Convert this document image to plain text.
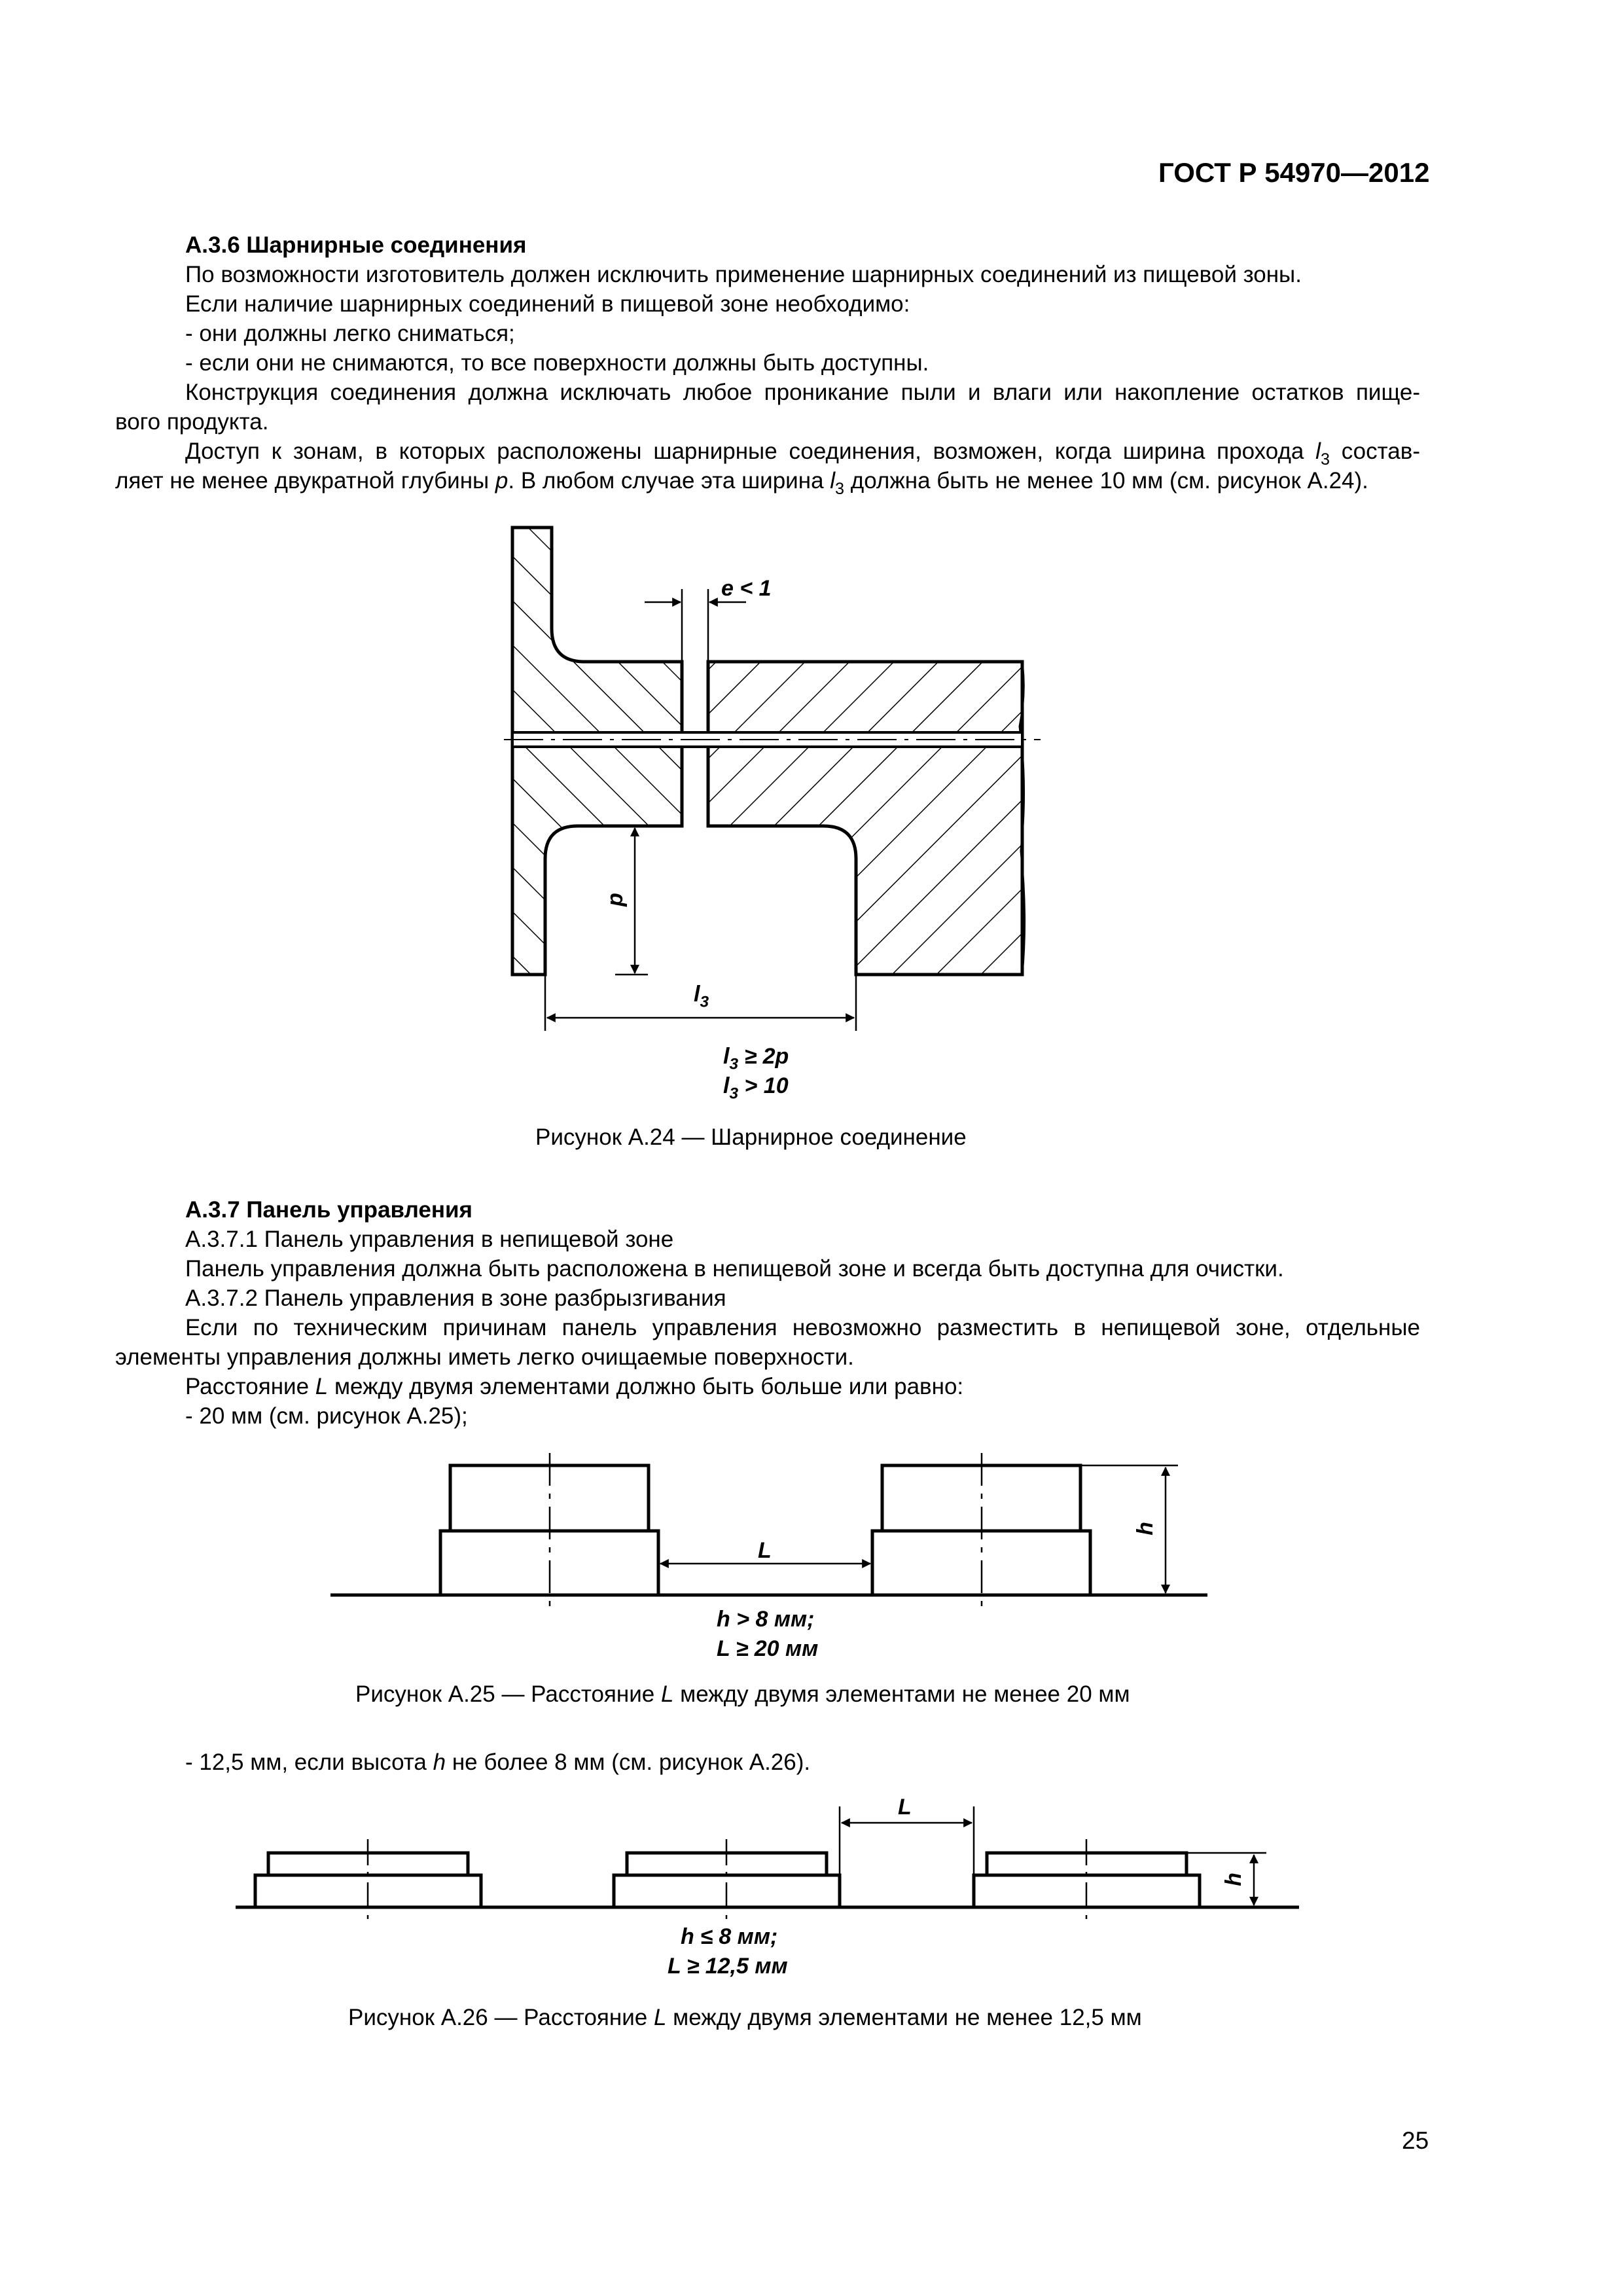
ГОСТ Р 54970—2012
А.3.6 Шарнирные соединения
По возможности изготовитель должен исключить применение шарнирных соединений из пищевой зоны.
Если наличие шарнирных соединений в пищевой зоне необходимо:
- они должны легко сниматься;
- если они не снимаются, то все поверхности должны быть доступны.
Конструкция соединения должна исключать любое проникание пыли и влаги или накопление остатков пище-
вого продукта.
Доступ к зонам, в которых расположены шарнирные соединения, возможен, когда ширина прохода $l_3$ состав-
ляет не менее двукратной глубины p. В любом случае эта ширина $l_3$ должна быть не менее 10 мм (см. рисунок А.24).
e < 1
p
$l_3$
$l_3 \ge 2p$
$l_3 > 10$
Рисунок А.24 — Шарнирное соединение
А.3.7 Панель управления
А.3.7.1 Панель управления в непищевой зоне
Панель управления должна быть расположена в непищевой зоне и всегда быть доступна для очистки.
А.3.7.2 Панель управления в зоне разбрызгивания
Если по техническим причинам панель управления невозможно разместить в непищевой зоне, отдельные
элементы управления должны иметь легко очищаемые поверхности.
Расстояние L между двумя элементами должно быть больше или равно:
- 20 мм (см. рисунок А.25);
L
h
h > 8 мм;
L ≥ 20 мм
Рисунок А.25 — Расстояние L между двумя элементами не менее 20 мм
- 12,5 мм, если высота h не более 8 мм (см. рисунок А.26).
L
h
h ≤ 8 мм;
L ≥ 12,5 мм
Рисунок А.26 — Расстояние L между двумя элементами не менее 12,5 мм
25
